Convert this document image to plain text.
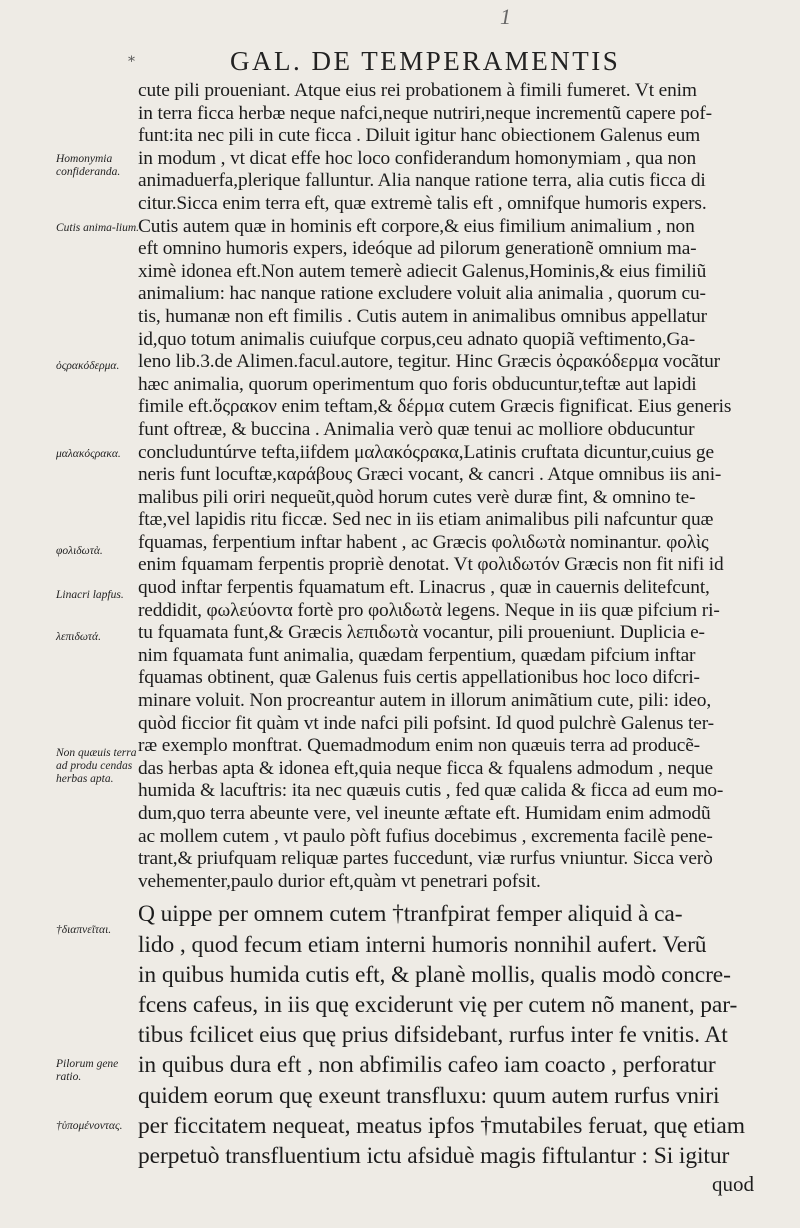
1
*	GAL. DE TEMPERAMENTIS
Homonymia confideranda.
Cutis anima-lium.
ὀςρακόδερμα.
μαλακόςρακα.
φολιδωτὰ.
Linacri lapfus.
λεπιδωτά.
Non quæuis terra ad produ cendas herbas apta.
†διαπνεῖται.
Pilorum gene ratio.
†ὑπομένοντας.
cute pili proueniant. Atque eius rei probationem à fimili fumeret. Vt enim
in terra ficca herbæ neque nafci,neque nutriri,neque incrementũ capere pof-
funt:ita nec pili in cute ficca . Diluit igitur hanc obiectionem Galenus eum
in modum , vt dicat effe hoc loco confiderandum homonymiam , qua non
animaduerfa,plerique falluntur. Alia nanque ratione terra, alia cutis ficca di
citur.Sicca enim terra eft, quæ extremè talis eft , omnifque humoris expers.
Cutis autem quæ in hominis eft corpore,& eius fimilium animalium , non
eft omnino humoris expers, ideóque ad pilorum generationẽ omnium ma-
ximè idonea eft.Non autem temerè adiecit Galenus,Hominis,& eius fimiliũ
animalium: hac nanque ratione excludere voluit alia animalia , quorum cu-
tis, humanæ non eft fimilis . Cutis autem in animalibus omnibus appellatur
id,quo totum animalis cuiufque corpus,ceu adnato quopiã veftimento,Ga-
leno lib.3.de Alimen.facul.autore, tegitur. Hinc Græcis ὀςρακόδερμα vocãtur
hæc animalia, quorum operimentum quo foris obducuntur,teftæ aut lapidi
fimile eft.ὄςρακον enim teftam,& δέρμα cutem Græcis fignificat. Eius generis
funt oftreæ, & buccina . Animalia verò quæ tenui ac molliore obducuntur
concluduntúrve tefta,iifdem μαλακόςρακα,Latinis cruftata dicuntur,cuius ge
neris funt locuftæ,καράβους Græci vocant, & cancri . Atque omnibus iis ani-
malibus pili oriri nequeũt,quòd horum cutes verè duræ fint, & omnino te-
ftæ,vel lapidis ritu ficcæ. Sed nec in iis etiam animalibus pili nafcuntur quæ
fquamas, ferpentium inftar habent , ac Græcis φολιδωτὰ nominantur. φολὶς
enim fquamam ferpentis propriè denotat. Vt φολιδωτόν Græcis non fit nifi id
quod inftar ferpentis fquamatum eft. Linacrus , quæ in cauernis delitefcunt,
reddidit, φωλεύοντα fortè pro φολιδωτὰ legens. Neque in iis quæ pifcium ri-
tu fquamata funt,& Græcis λεπιδωτὰ vocantur, pili proueniunt. Duplicia e-
nim fquamata funt animalia, quædam ferpentium, quædam pifcium inftar
fquamas obtinent, quæ Galenus fuis certis appellationibus hoc loco difcri-
minare voluit. Non procreantur autem in illorum animãtium cute, pili: ideo,
quòd ficcior fit quàm vt inde nafci pili pofsint. Id quod pulchrè Galenus ter-
ræ exemplo monftrat. Quemadmodum enim non quæuis terra ad producẽ-
das herbas apta & idonea eft,quia neque ficca & fqualens admodum , neque
humida & lacuftris: ita nec quæuis cutis , fed quæ calida & ficca ad eum mo-
dum,quo terra abeunte vere, vel ineunte æftate eft. Humidam enim admodũ
ac mollem cutem , vt paulo pòft fufius docebimus , excrementa facilè pene-
trant,& priufquam reliquæ partes fuccedunt, viæ rurfus vniuntur. Sicca verò
vehementer,paulo durior eft,quàm vt penetrari pofsit.
Q uippe per omnem cutem †tranfpirat femper aliquid à ca-
lido , quod fecum etiam interni humoris nonnihil aufert. Verũ
in quibus humida cutis eft, & planè mollis, qualis modò concre-
fcens cafeus, in iis quę exciderunt vię per cutem nõ manent, par-
tibus fcilicet eius quę prius difsidebant, rurfus inter fe vnitis. At
in quibus dura eft , non abfimilis cafeo iam coacto , perforatur
quidem eorum quę exeunt transfluxu: quum autem rurfus vniri
per ficcitatem nequeat, meatus ipfos †mutabiles feruat, quę etiam
perpetuò transfluentium ictu afsiduè magis fiftulantur : Si igitur
quod
